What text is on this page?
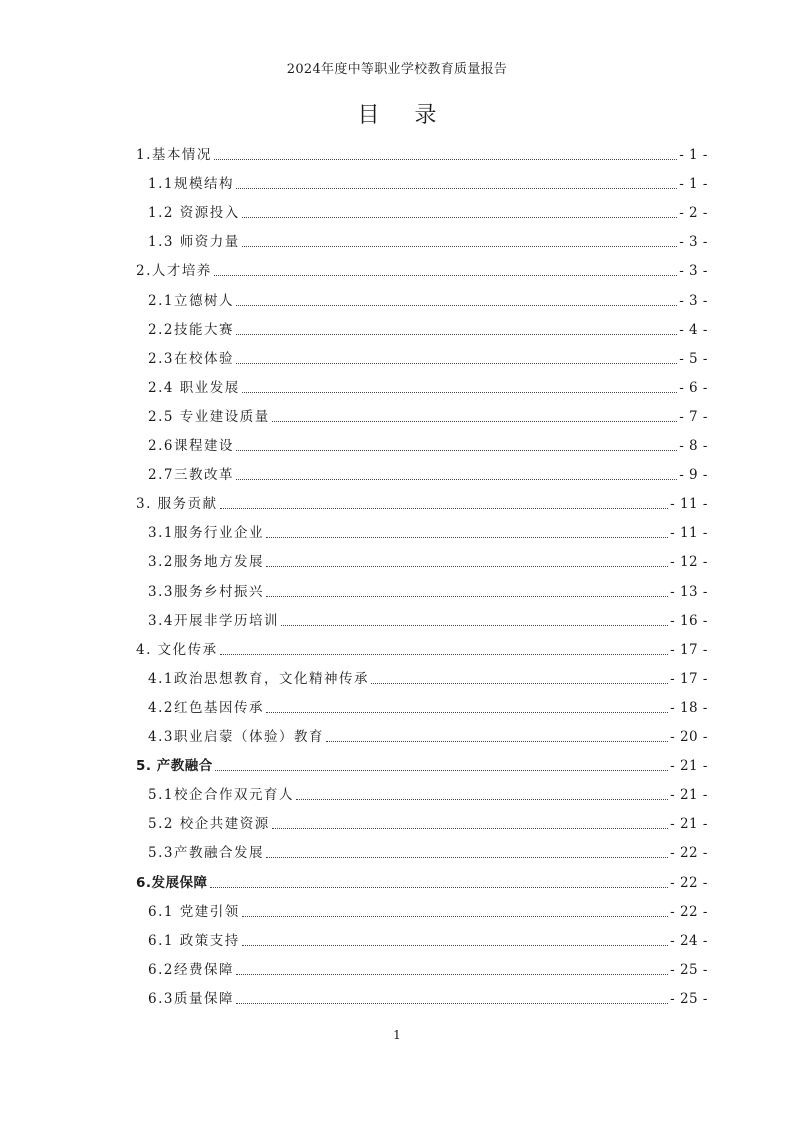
2024年度中等职业学校教育质量报告
目 录
1.基本情况	- 1 -
1.1规模结构	- 1 -
1.2 资源投入	- 2 -
1.3 师资力量	- 3 -
2.人才培养	- 3 -
2.1立德树人	- 3 -
2.2技能大赛	- 4 -
2.3在校体验	- 5 -
2.4 职业发展	- 6 -
2.5 专业建设质量	- 7 -
2.6课程建设	- 8 -
2.7三教改革	- 9 -
3. 服务贡献	- 11 -
3.1服务行业企业	- 11 -
3.2服务地方发展	- 12 -
3.3服务乡村振兴	- 13 -
3.4开展非学历培训	- 16 -
4. 文化传承	- 17 -
4.1政治思想教育，文化精神传承	- 17 -
4.2红色基因传承	- 18 -
4.3职业启蒙（体验）教育	- 20 -
5. 产教融合	- 21 -
5.1校企合作双元育人	- 21 -
5.2 校企共建资源	- 21 -
5.3产教融合发展	- 22 -
6.发展保障	- 22 -
6.1 党建引领	- 22 -
6.1 政策支持	- 24 -
6.2经费保障	- 25 -
6.3质量保障	- 25 -
1
